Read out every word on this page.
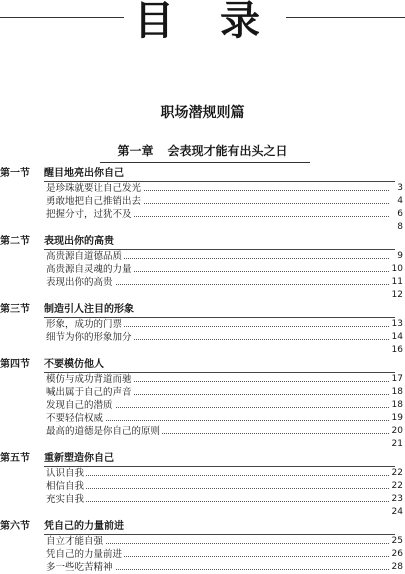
目 录
职场潜规则篇
第一章 会表现才能有出头之日
第一节 醒目地亮出你自己
是珍珠就要让自己发光	3
勇敢地把自己推销出去	4
把握分寸，过犹不及	6
8
第二节 表现出你的高贵
高贵源自道德品质	9
高贵源自灵魂的力量	10
表现出你的高贵	11
12
第三节 制造引人注目的形象
形象，成功的门票	13
细节为你的形象加分	14
16
第四节 不要模仿他人
模仿与成功背道而驰	17
喊出属于自己的声音	18
发现自己的潜质	18
不要轻信权威	19
最高的道德是你自己的原则	20
21
第五节 重新塑造你自己
认识自我	22
相信自我	22
充实自我	23
24
第六节 凭自己的力量前进
自立才能自强	25
凭自己的力量前进	26
多一些吃苦精神	28
